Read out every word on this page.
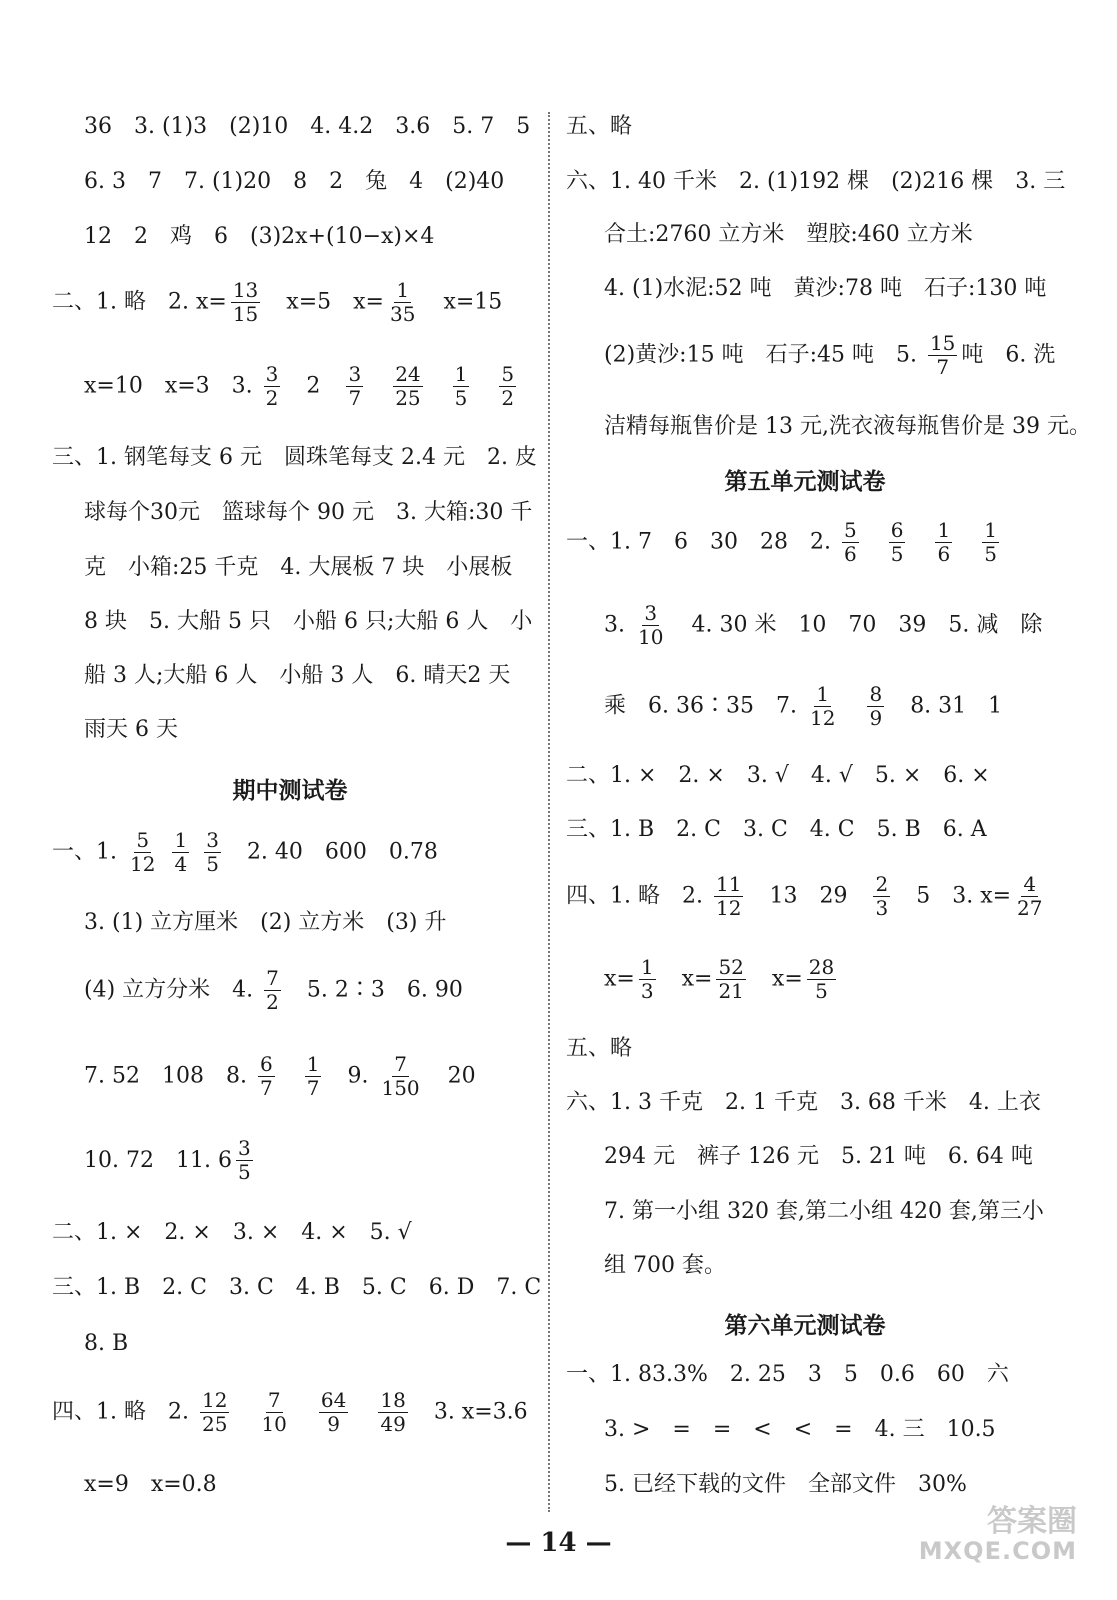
36　3. (1)3　(2)10　4. 4.2　3.6　5. 7　5
6. 3　7　7. (1)20　8　2　兔　4　(2)40
12　2　鸡　6　(3)2x+(10−x)×4
二、1. 略　2. $x= \frac{13}{15}$
　 x=5　$x= \frac{1}{35}$
　 x=15
x=10　x=3　3. $\frac{3}{2}$
　 2　 $\frac{3}{7}$
　 $\frac{24}{25}$
　 $\frac{1}{5}$
　 $\frac{5}{2}$
三、1. 钢笔每支 6 元　圆珠笔每支 2.4 元　2. 皮
球每个30元　篮球每个 90 元　3. 大箱:30 千
克　小箱:25 千克　4. 大展板 7 块　小展板
8 块　5. 大船 5 只　小船 6 只;大船 6 人　小
船 3 人;大船 6 人　小船 3 人　6. 晴天2 天
雨天 6 天
期中测试卷
一、1. $\frac{5}{12}$
$\frac{1}{4}$
$\frac{3}{5}$
　 2. 40　600　0.78
3. (1) 立方厘米　(2) 立方米　(3) 升
(4) 立方分米　4. $\frac{7}{2}$
　 5. 2∶3　6. 90
7. 52　108　8. $\frac{6}{7}$
　 $\frac{1}{7}$
　 9. $\frac{7}{150}$
　 20
10. 72　11. $6 \frac{3}{5}$
二、1. ×　2. ×　3. ×　4. ×　5. √
三、1. B　2. C　3. C　4. B　5. C　6. D　7. C
8. B
四、1. 略　2. $\frac{12}{25}$
　 $\frac{7}{10}$
　 $\frac{64}{9}$
　 $\frac{18}{49}$
　 3. x=3.6
x=9　x=0.8
五、略
六、1. 40 千米　2. (1)192 棵　(2)216 棵　3. 三
合土:2760 立方米　塑胶:460 立方米
4. (1)水泥:52 吨　黄沙:78 吨　石子:130 吨
(2)黄沙:15 吨　石子:45 吨　5. $\frac{15}{7}$ 吨　6. 洗
洁精每瓶售价是 13 元,洗衣液每瓶售价是 39 元。
第五单元测试卷
一、1. 7　6　30　28　2. $\frac{5}{6}$
　 $\frac{6}{5}$
　 $\frac{1}{6}$
　 $\frac{1}{5}$
3. $\frac{3}{10}$
　 4. 30 米　10　70　39　5. 减　除
乘　6. 36∶35　7. $\frac{1}{12}$
　 $\frac{8}{9}$
　 8. 31　1
二、1. ×　2. ×　3. √　4. √　5. ×　6. ×
三、1. B　2. C　3. C　4. C　5. B　6. A
四、1. 略　2. $\frac{11}{12}$
　 13　29　 $\frac{2}{3}$
　 5　3. $x= \frac{4}{27}$
$x= \frac{1}{3}$
　 $x= \frac{52}{21}$
　 $x= \frac{28}{5}$
五、略
六、1. 3 千克　2. 1 千克　3. 68 千米　4. 上衣
294 元　裤子 126 元　5. 21 吨　6. 64 吨
7. 第一小组 320 套,第二小组 420 套,第三小
组 700 套。
第六单元测试卷
一、1. 83.3%　2. 25　3　5　0.6　60　六
3. >　=　=　<　<　=　4. 三　10.5
5. 已经下载的文件　全部文件　30%
— 14 —
答案圈
MXQE.COM
